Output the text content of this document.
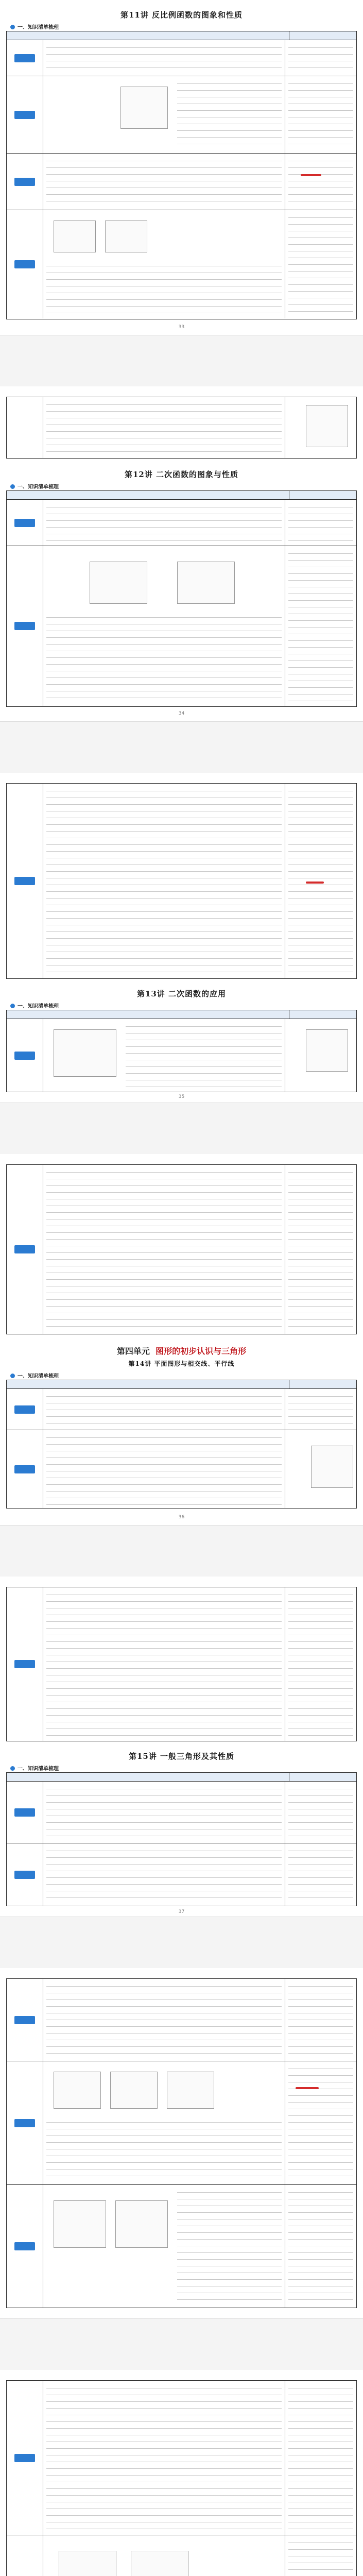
第11讲 反比例函数的图象和性质
一、知识清单梳理
33
第12讲 二次函数的图象与性质
一、知识清单梳理
34
第13讲 二次函数的应用
一、知识清单梳理
35
第四单元 图形的初步认识与三角形
第14讲 平面图形与相交线、平行线
一、知识清单梳理
36
第15讲 一般三角形及其性质
一、知识清单梳理
37
